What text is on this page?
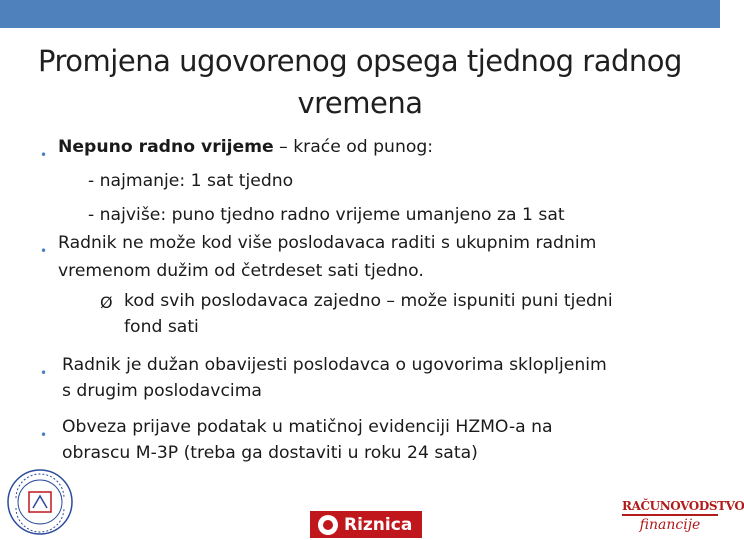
Promjena ugovorenog opsega tjednog radnog
vremena
• Nepuno radno vrijeme – kraće od punog:
- najmanje: 1 sat tjedno
- najviše: puno tjedno radno vrijeme umanjeno za 1 sat
• Radnik ne može kod više poslodavaca raditi s ukupnim radnim
vremenom dužim od četrdeset sati tjedno.
Ø kod svih poslodavaca zajedno – može ispuniti puni tjedni
fond sati
• Radnik je dužan obavijesti poslodavca o ugovorima sklopljenim
s drugim poslodavcima
• Obveza prijave podatak u matičnoj evidenciji HZMO-a na
obrascu M-3P (treba ga dostaviti u roku 24 sata)
Riznica
RAČUNOVODSTVO
financije
